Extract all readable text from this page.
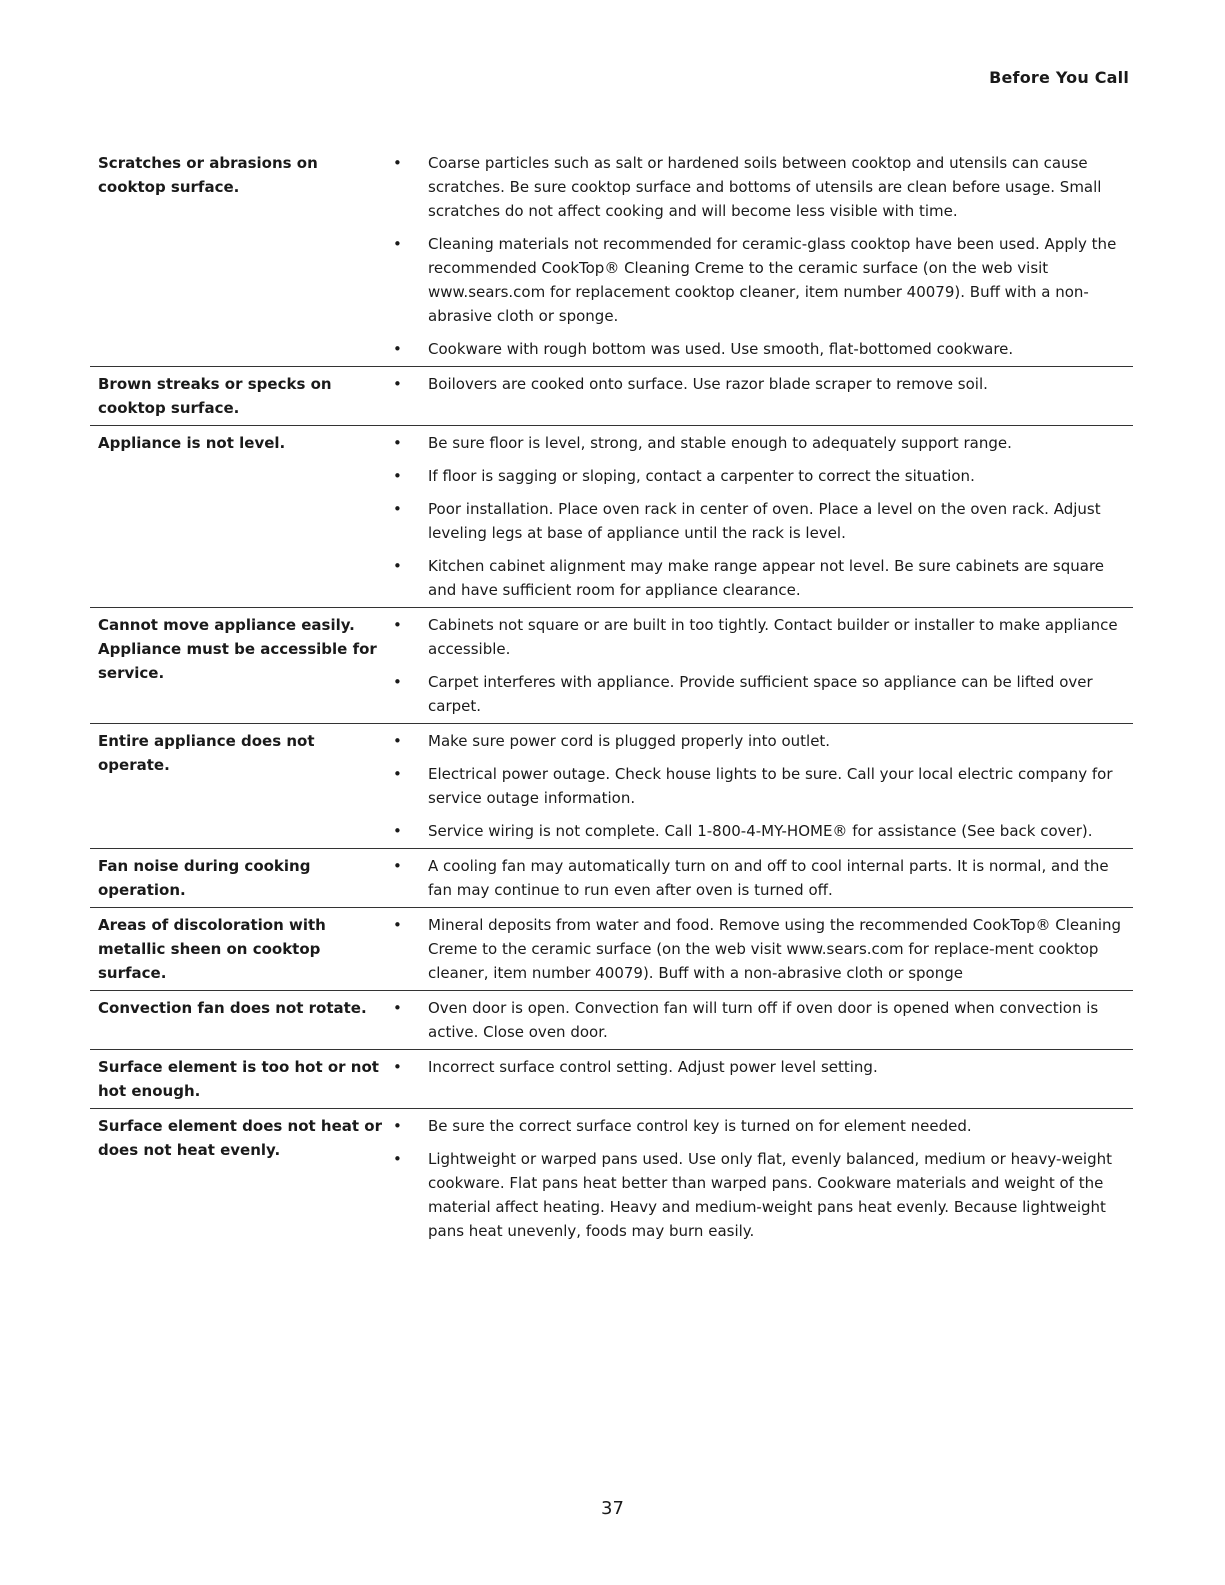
Before You Call
Scratches or abrasions on cooktop surface.
•	Coarse particles such as salt or hardened soils between cooktop and utensils can cause scratches. Be sure cooktop surface and bottoms of utensils are clean before usage. Small scratches do not affect cooking and will become less visible with time.
•	Cleaning materials not recommended for ceramic-glass cooktop have been used. Apply the recommended CookTop® Cleaning Creme to the ceramic surface (on the web visit www.sears.com for replacement cooktop cleaner, item number 40079). Buff with a non-abrasive cloth or sponge.
•	Cookware with rough bottom was used. Use smooth, flat-bottomed cookware.
Brown streaks or specks on cooktop surface.
•	Boilovers are cooked onto surface. Use razor blade scraper to remove soil.
Appliance is not level.	•	Be sure floor is level, strong, and stable enough to adequately support range.
•	If floor is sagging or sloping, contact a carpenter to correct the situation.
•	Poor installation. Place oven rack in center of oven. Place a level on the oven rack. Adjust leveling legs at base of appliance until the rack is level.
•	Kitchen cabinet alignment may make range appear not level. Be sure cabinets are square and have sufficient room for appliance clearance.
Cannot move appliance easily. Appliance must be accessible for service.
•	Cabinets not square or are built in too tightly. Contact builder or installer to make appliance accessible.
•	Carpet interferes with appliance. Provide sufficient space so appliance can be lifted over carpet.
Entire appliance does not operate.
•	Make sure power cord is plugged properly into outlet.
•	Electrical power outage. Check house lights to be sure. Call your local electric company for service outage information.
•	Service wiring is not complete. Call 1-800-4-MY-HOME® for assistance (See back cover).
Fan noise during cooking operation.
•	A cooling fan may automatically turn on and off to cool internal parts. It is normal, and the fan may continue to run even after oven is turned off.
Areas of discoloration with metallic sheen on cooktop surface.
•	Mineral deposits from water and food. Remove using the recommended CookTop® Cleaning Creme to the ceramic surface (on the web visit www.sears.com for replace-ment cooktop cleaner, item number 40079). Buff with a non-abrasive cloth or sponge
Convection fan does not rotate.	•	Oven door is open. Convection fan will turn off if oven door is opened when convection is active. Close oven door.
Surface element is too hot or not hot enough.
•	Incorrect surface control setting. Adjust power level setting.
Surface element does not heat or does not heat evenly.
•	Be sure the correct surface control key is turned on for element needed.
•	Lightweight or warped pans used. Use only flat, evenly balanced, medium or heavy-weight cookware. Flat pans heat better than warped pans. Cookware materials and weight of the material affect heating. Heavy and medium-weight pans heat evenly. Because lightweight pans heat unevenly, foods may burn easily.
37
